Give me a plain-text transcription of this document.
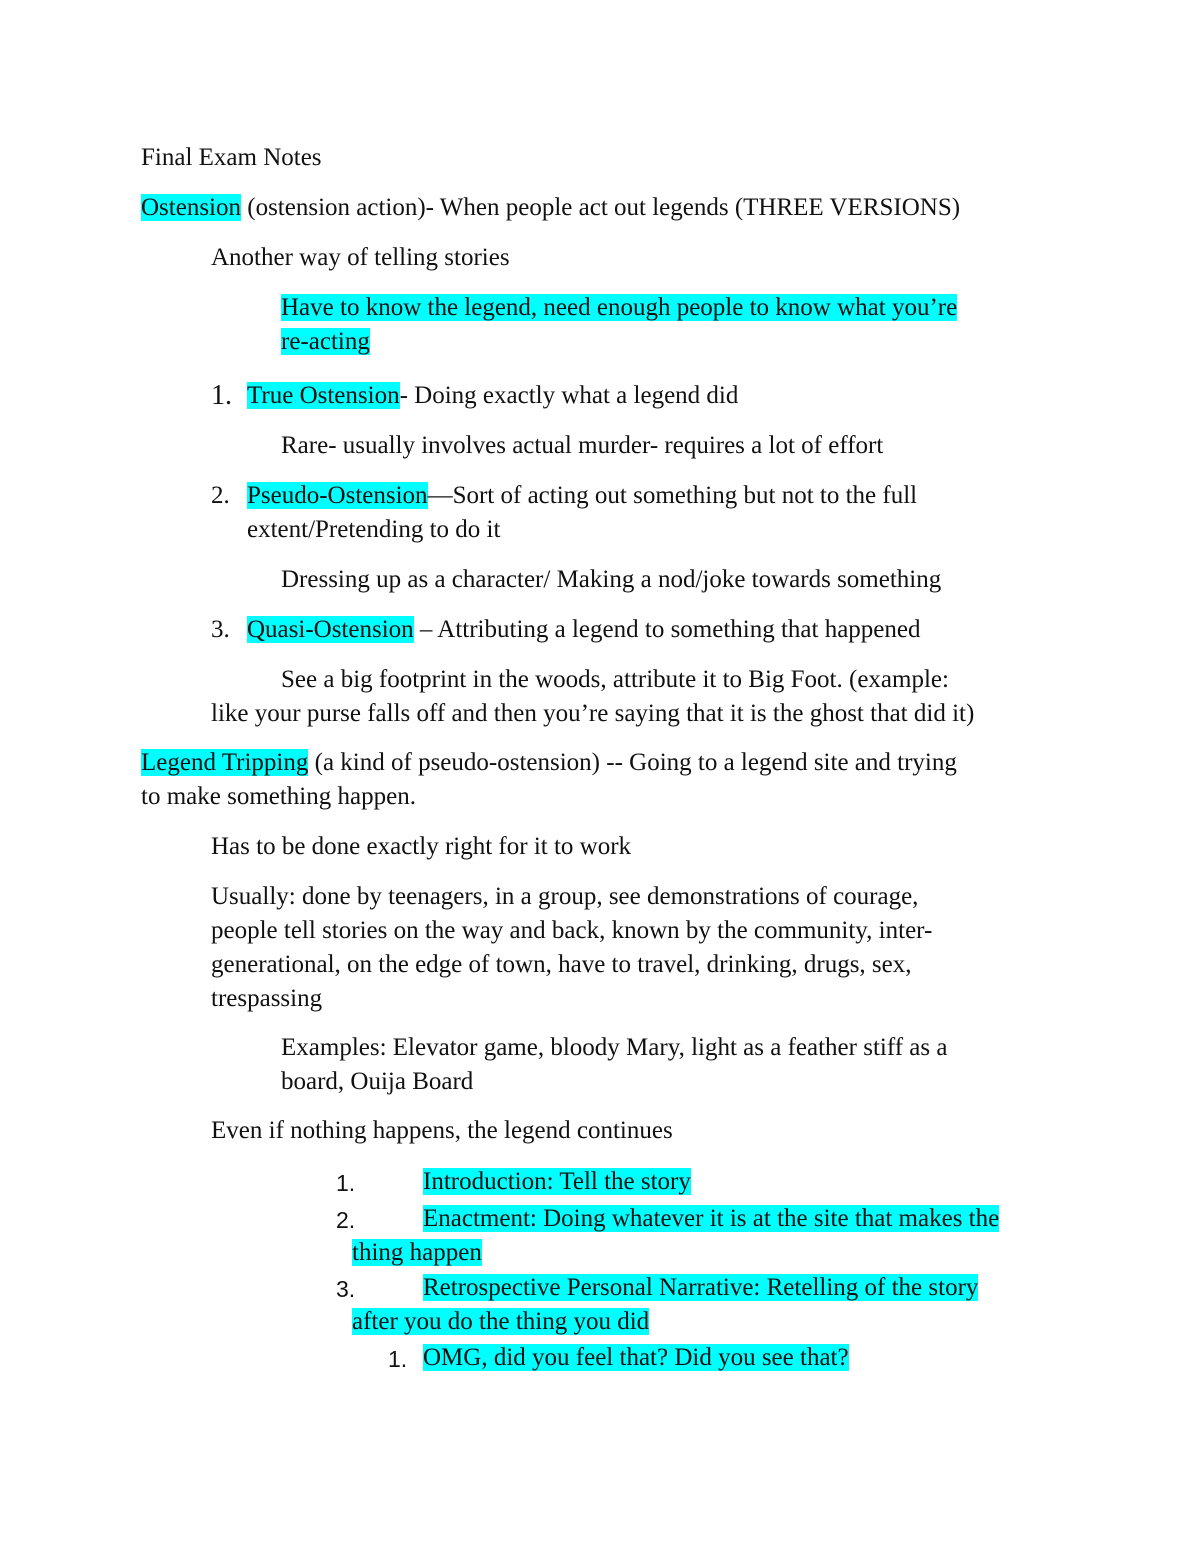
Final Exam Notes
Ostension (ostension action)- When people act out legends (THREE VERSIONS)
Another way of telling stories
Have to know the legend, need enough people to know what you’re
re-acting
1. True Ostension- Doing exactly what a legend did
Rare- usually involves actual murder- requires a lot of effort
2. Pseudo-Ostension—Sort of acting out something but not to the full
extent/Pretending to do it
Dressing up as a character/ Making a nod/joke towards something
3. Quasi-Ostension – Attributing a legend to something that happened
See a big footprint in the woods, attribute it to Big Foot. (example:
like your purse falls off and then you’re saying that it is the ghost that did it)
Legend Tripping (a kind of pseudo-ostension) -- Going to a legend site and trying
to make something happen.
Has to be done exactly right for it to work
Usually: done by teenagers, in a group, see demonstrations of courage,
people tell stories on the way and back, known by the community, inter-
generational, on the edge of town, have to travel, drinking, drugs, sex,
trespassing
Examples: Elevator game, bloody Mary, light as a feather stiff as a
board, Ouija Board
Even if nothing happens, the legend continues
1.	Introduction: Tell the story
2.	Enactment: Doing whatever it is at the site that makes the
thing happen
3.	Retrospective Personal Narrative: Retelling of the story
after you do the thing you did
1. OMG, did you feel that? Did you see that?
